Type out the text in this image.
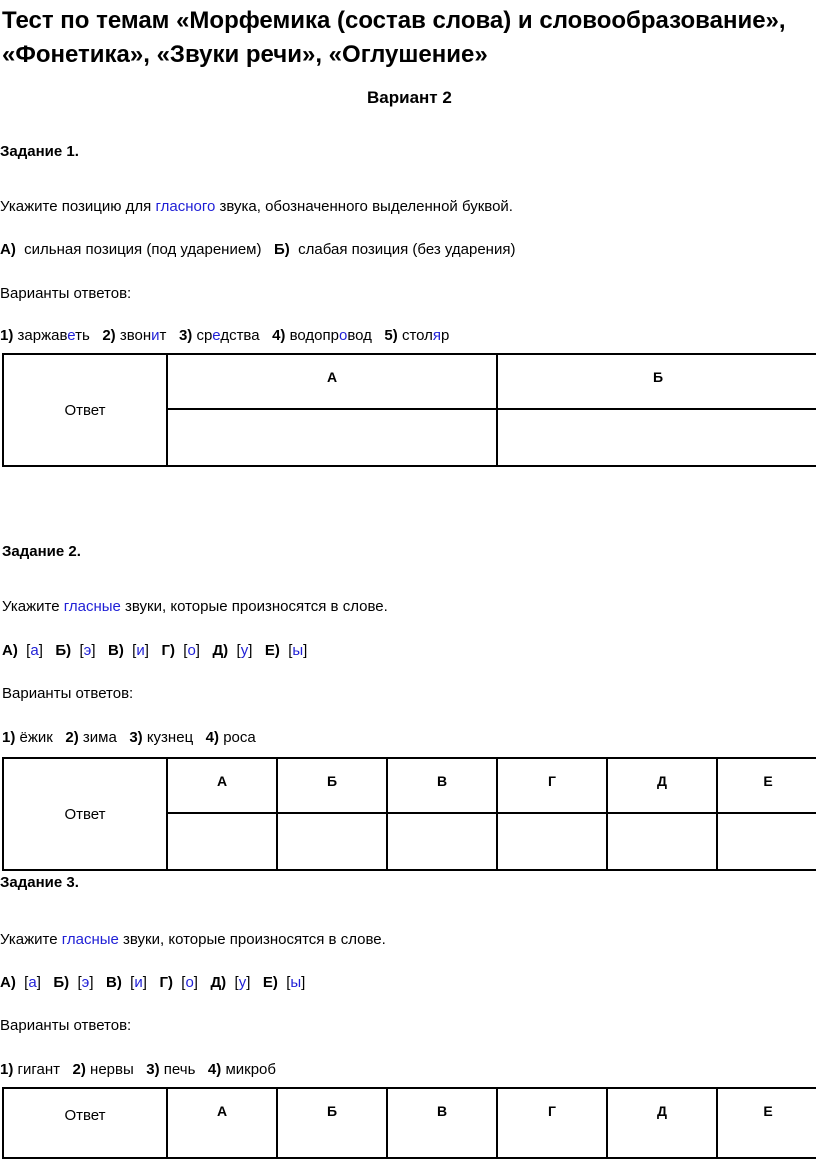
Тест по темам «Морфемика (состав слова) и словообразование»,
«Фонетика», «Звуки речи», «Оглушение»
Вариант 2
Задание 1.
Укажите позицию для гласного звука, обозначенного выделенной буквой.
А) сильная позиция (под ударением) Б) слабая позиция (без ударения)
Варианты ответов:
1) заржаветь 2) звонит 3) средства 4) водопровод 5) столяр
Ответ	А	Б

Задание 2.
Укажите гласные звуки, которые произносятся в слове.
А)  [а] Б)  [э] В)  [и] Г)  [о] Д)  [у] Е)  [ы]
Варианты ответов:
1) ёжик 2) зима 3) кузнец 4) роса
Ответ	А	Б	В	Г	Д	Е

Задание 3.
Укажите гласные звуки, которые произносятся в слове.
А)  [а] Б)  [э] В)  [и] Г)  [о] Д)  [у] Е)  [ы]
Варианты ответов:
1) гигант 2) нервы 3) печь 4) микроб
Ответ	А	Б	В	Г	Д	Е
